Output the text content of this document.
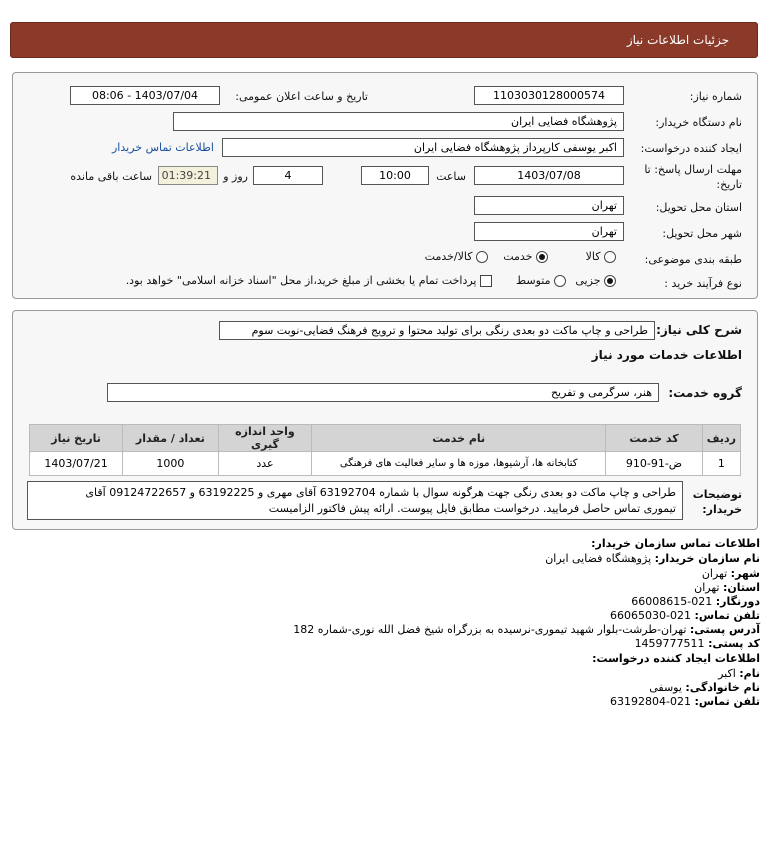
جزئیات اطلاعات نیاز
شماره نیاز:
1103030128000574
تاریخ و ساعت اعلان عمومی:
1403/07/04 - 08:06
نام دستگاه خریدار:
پژوهشگاه فضایی ایران
ایجاد کننده درخواست:
اکبر یوسفی کارپرداز پژوهشگاه فضایی ایران
اطلاعات تماس خریدار
مهلت ارسال پاسخ: تا
تاریخ:
1403/07/08
ساعت
10:00
4
روز و
01:39:21
ساعت باقی مانده
استان محل تحویل:
تهران
شهر محل تحویل:
تهران
طبقه بندی موضوعی:
کالا
خدمت
کالا/خدمت
نوع فرآیند خرید :
جزیی
متوسط
پرداخت تمام یا بخشی از مبلغ خرید،از محل "اسناد خزانه اسلامی" خواهد بود.
شرح کلی نیاز:
طراحی و چاپ ماکت دو بعدی رنگی برای تولید محتوا و ترویج فرهنگ فضایی-نوبت سوم
اطلاعات خدمات مورد نیاز
گروه خدمت:
هنر، سرگرمی و تفریح
ردیف	کد خدمت	نام خدمت	واحد اندازه گیری	تعداد / مقدار	تاریخ نیاز
1	ض-91-910	کتابخانه ها، آرشیوها، موزه ها و سایر فعالیت های فرهنگی	عدد	1000	1403/07/21
توضیحات
خریدار:
طراحی و چاپ ماکت دو بعدی رنگی جهت هرگونه سوال با شماره 63192704 آقای مهری و 63192225 و 09124722657 آقای
تیموری تماس حاصل فرمایید. درخواست مطابق فایل پیوست. ارائه پیش فاکتور الزامیست
اطلاعات تماس سازمان خریدار:
نام سازمان خریدار: پژوهشگاه فضایی ایران
شهر: تهران
استان: تهران
دورنگار: 021-66008615
تلفن تماس: 021-66065030
آدرس پستی: تهران-طرشت-بلوار شهید تیموری-نرسیده به بزرگراه شیخ فضل الله نوری-شماره 182
کد پستی: 1459777511
اطلاعات ایجاد کننده درخواست:
نام: اکبر
نام خانوادگی: یوسفی
تلفن تماس: 021-63192804
